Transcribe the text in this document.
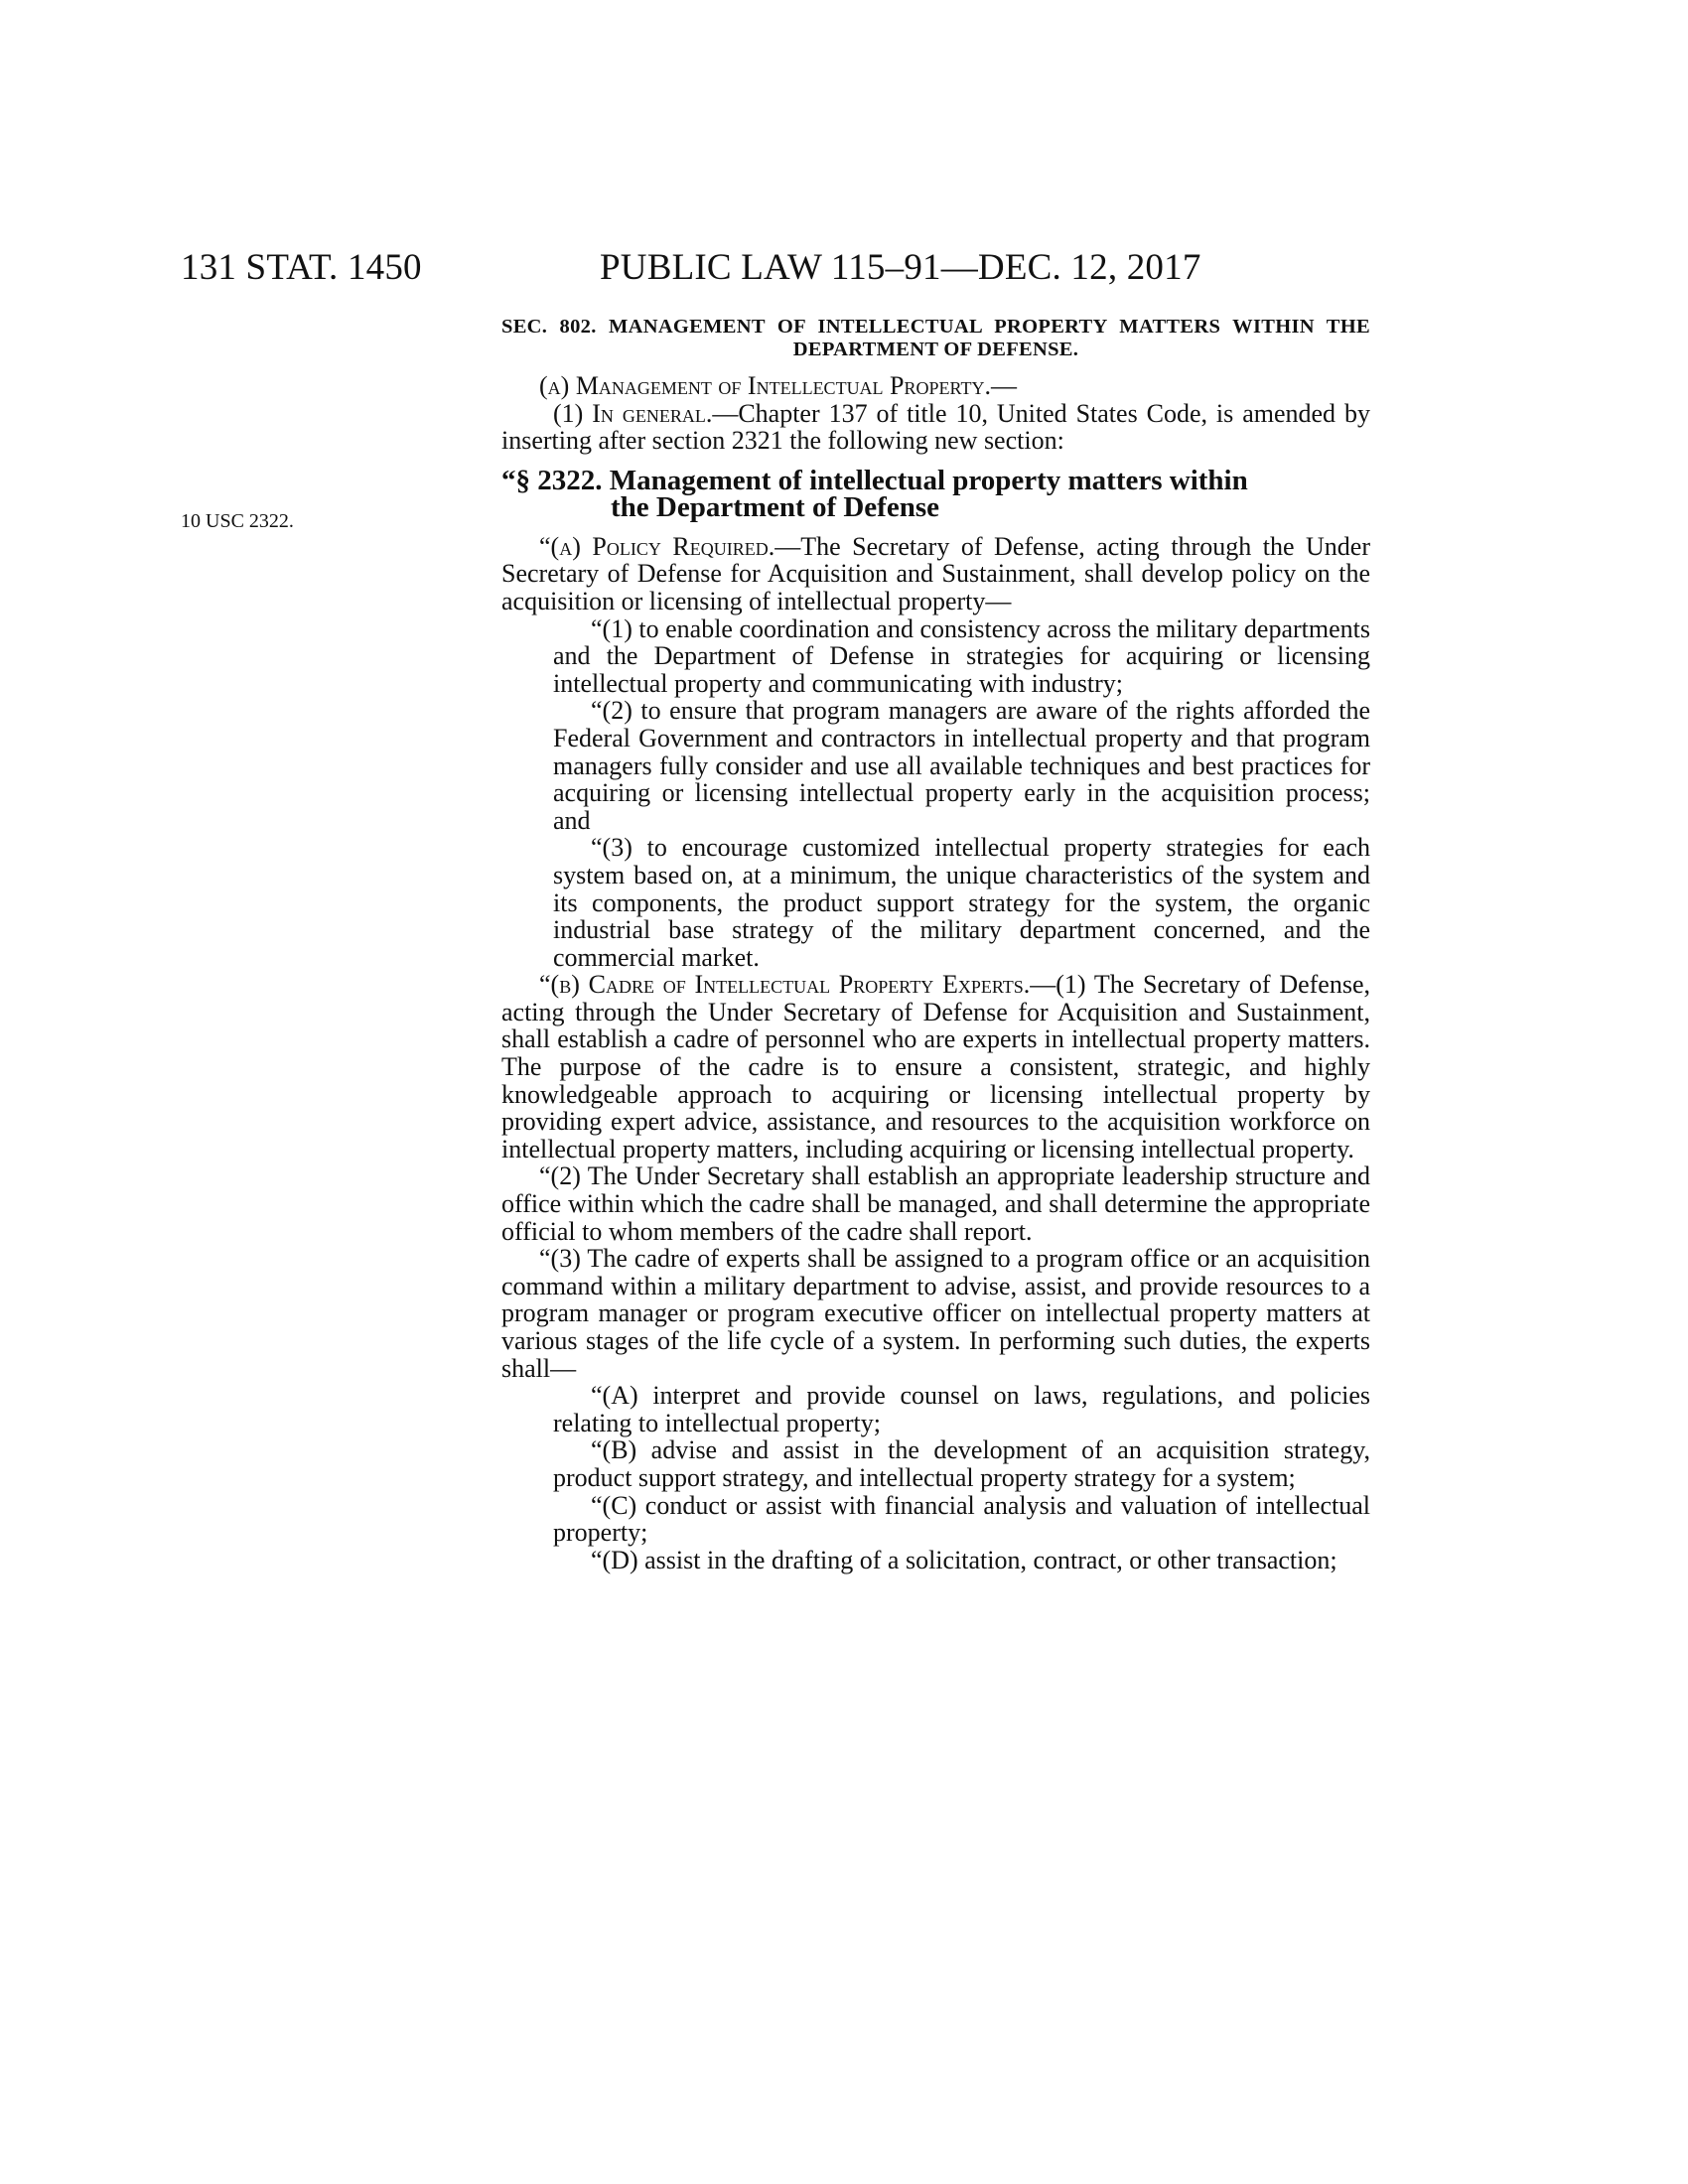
131 STAT. 1450	PUBLIC LAW 115–91—DEC. 12, 2017
10 USC 2322.

SEC. 802. MANAGEMENT OF INTELLECTUAL PROPERTY MATTERS WITHIN THE DEPARTMENT OF DEFENSE.

(a) Management of Intellectual Property.—

(1) In general.—Chapter 137 of title 10, United States Code, is amended by inserting after section 2321 the following new section:

“§ 2322. Management of intellectual property matters within
the Department of Defense

“(a) Policy Required.—The Secretary of Defense, acting through the Under Secretary of Defense for Acquisition and Sustainment, shall develop policy on the acquisition or licensing of intellectual property—

“(1) to enable coordination and consistency across the military departments and the Department of Defense in strategies for acquiring or licensing intellectual property and communicating with industry;

“(2) to ensure that program managers are aware of the rights afforded the Federal Government and contractors in intellectual property and that program managers fully consider and use all available techniques and best practices for acquiring or licensing intellectual property early in the acquisition process; and

“(3) to encourage customized intellectual property strategies for each system based on, at a minimum, the unique characteristics of the system and its components, the product support strategy for the system, the organic industrial base strategy of the military department concerned, and the commercial market.

“(b) Cadre of Intellectual Property Experts.—(1) The Secretary of Defense, acting through the Under Secretary of Defense for Acquisition and Sustainment, shall establish a cadre of personnel who are experts in intellectual property matters. The purpose of the cadre is to ensure a consistent, strategic, and highly knowledgeable approach to acquiring or licensing intellectual property by providing expert advice, assistance, and resources to the acquisition workforce on intellectual property matters, including acquiring or licensing intellectual property.

“(2) The Under Secretary shall establish an appropriate leadership structure and office within which the cadre shall be managed, and shall determine the appropriate official to whom members of the cadre shall report.

“(3) The cadre of experts shall be assigned to a program office or an acquisition command within a military department to advise, assist, and provide resources to a program manager or program executive officer on intellectual property matters at various stages of the life cycle of a system. In performing such duties, the experts shall—

“(A) interpret and provide counsel on laws, regulations, and policies relating to intellectual property;

“(B) advise and assist in the development of an acquisition strategy, product support strategy, and intellectual property strategy for a system;

“(C) conduct or assist with financial analysis and valuation of intellectual property;

“(D) assist in the drafting of a solicitation, contract, or other transaction;
